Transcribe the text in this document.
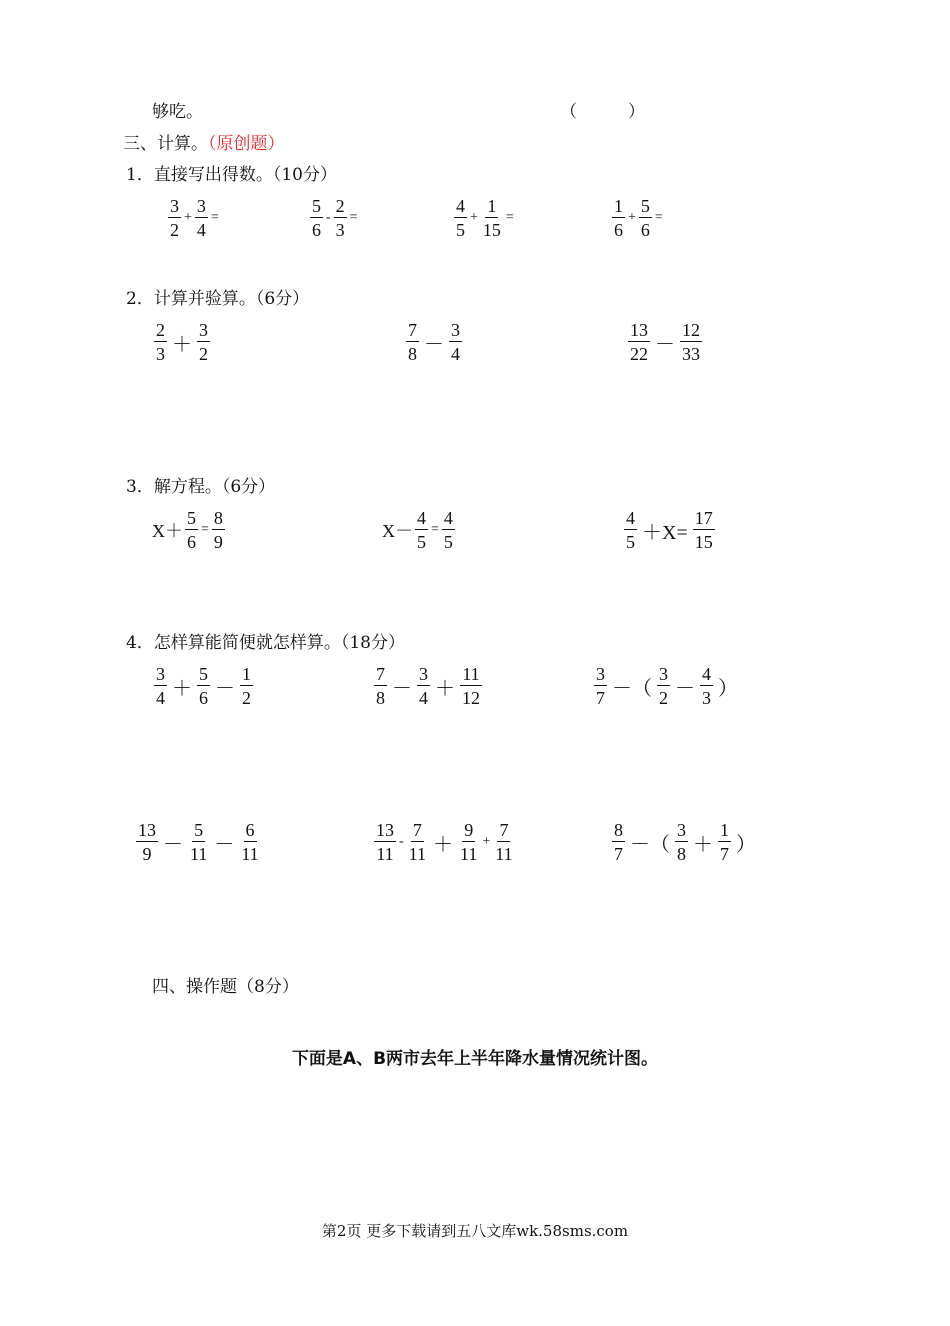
够吃。	（　　　）
三、计算。（原创题）
1．直接写出得数。（10分）
$\frac{3}{2} + \frac{3}{4}$ =	$\frac{5}{6} - \frac{2}{3}$ =	$\frac{4}{5} + \frac{1}{15}$ =	$\frac{1}{6} + \frac{5}{6}$ =
2．计算并验算。（6分）
$\frac{2}{3} + \frac{3}{2}$	$\frac{7}{8} - \frac{3}{4}$	$\frac{13}{22} - \frac{12}{33}$
3．解方程。（6分）
$X+ \frac{5}{6} = \frac{8}{9}$	$X- \frac{4}{5} = \frac{4}{5}$	$\frac{4}{5} +X= \frac{17}{15}$
4．怎样算能简便就怎样算。（18分）
$\frac{3}{4} + \frac{5}{6} - \frac{1}{2}$	$\frac{7}{8} - \frac{3}{4} + \frac{11}{12}$	$\frac{3}{7}$ －（ $\frac{3}{2} - \frac{4}{3}$ ）
$\frac{13}{9} - \frac{5}{11} - \frac{6}{11}$	$\frac{13}{11} - \frac{7}{11} + \frac{9}{11} + \frac{7}{11}$	$\frac{8}{7}$ －（ $\frac{3}{8} + \frac{1}{7}$ ）
四、操作题（8分）
下面是A、B两市去年上半年降水量情况统计图。
第2页 更多下载请到五八文库wk.58sms.com
